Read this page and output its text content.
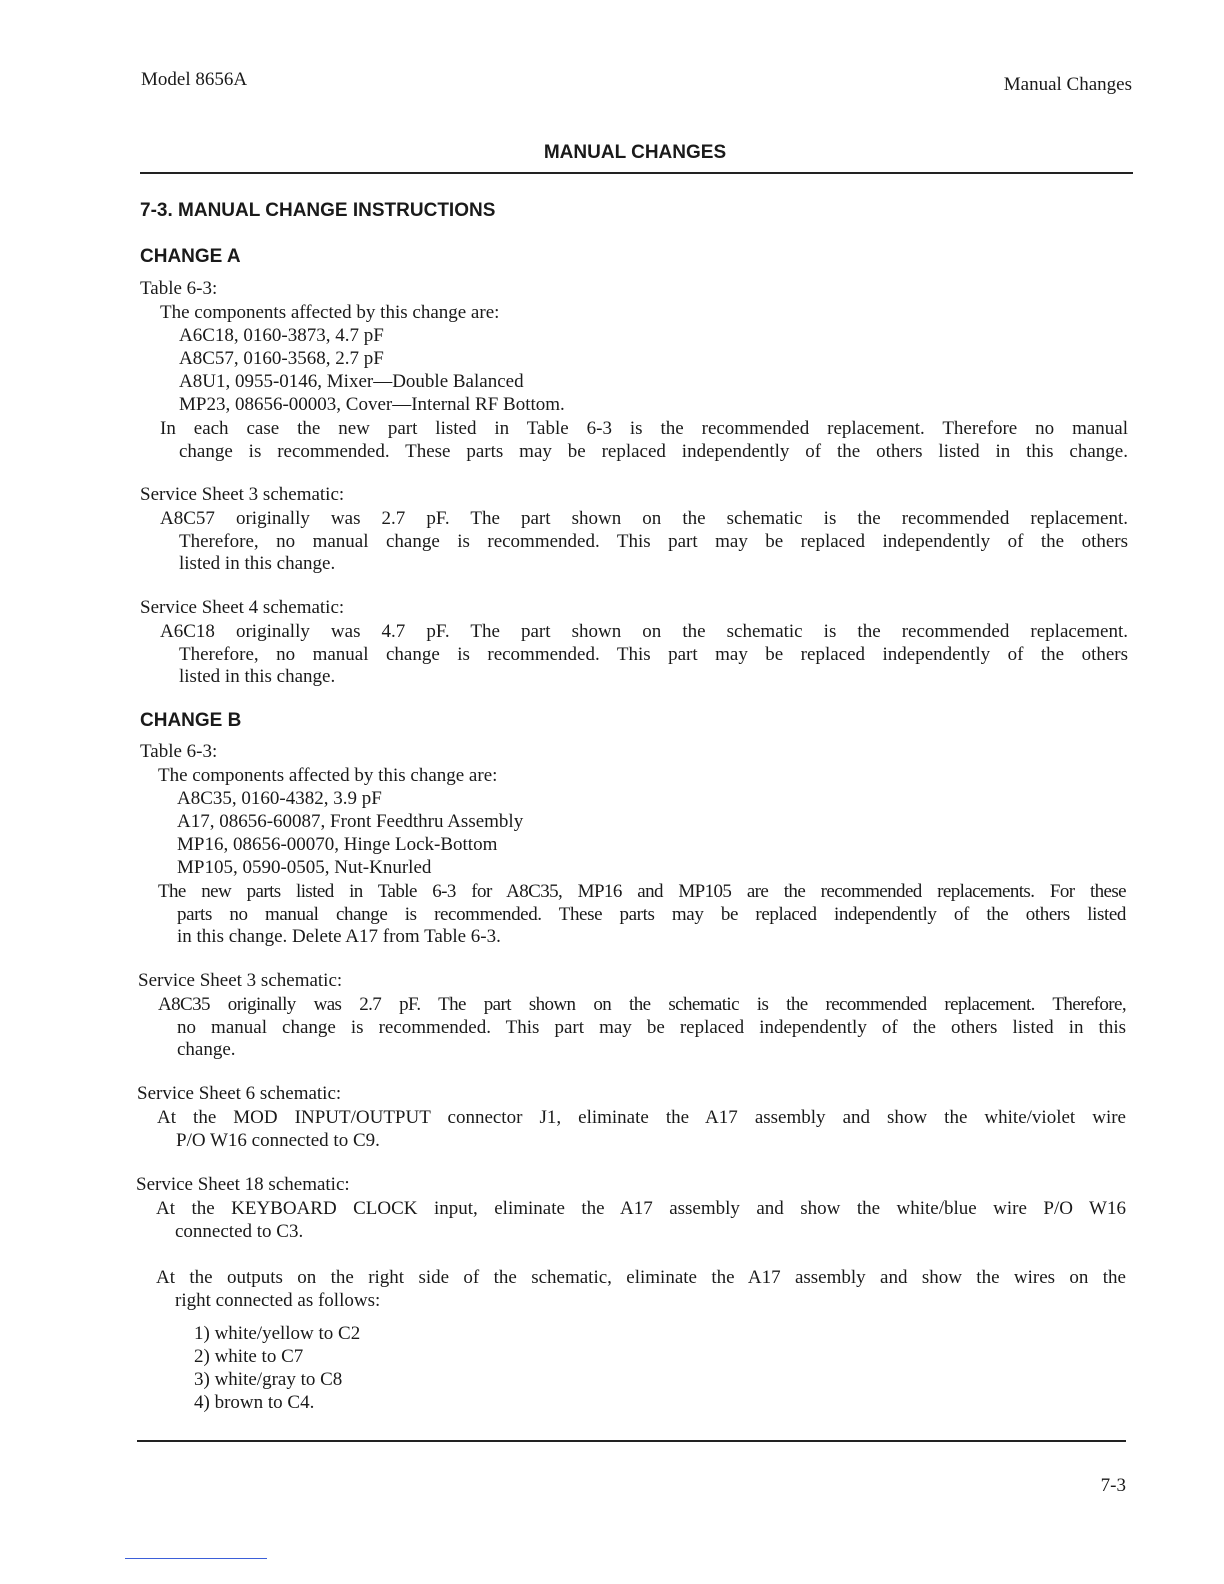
Model 8656A	Manual Changes
MANUAL CHANGES
7-3. MANUAL CHANGE INSTRUCTIONS
CHANGE A
Table 6-3:
The components affected by this change are:
A6C18, 0160-3873, 4.7 pF
A8C57, 0160-3568, 2.7 pF
A8U1, 0955-0146, Mixer—Double Balanced
MP23, 08656-00003, Cover—Internal RF Bottom.
In each case the new part listed in Table 6-3 is the recommended replacement. Therefore no manual
change is recommended. These parts may be replaced independently of the others listed in this change.
Service Sheet 3 schematic:
A8C57 originally was 2.7 pF. The part shown on the schematic is the recommended replacement.
Therefore, no manual change is recommended. This part may be replaced independently of the others
listed in this change.
Service Sheet 4 schematic:
A6C18 originally was 4.7 pF. The part shown on the schematic is the recommended replacement.
Therefore, no manual change is recommended. This part may be replaced independently of the others
listed in this change.
CHANGE B
Table 6-3:
The components affected by this change are:
A8C35, 0160-4382, 3.9 pF
A17, 08656-60087, Front Feedthru Assembly
MP16, 08656-00070, Hinge Lock-Bottom
MP105, 0590-0505, Nut-Knurled
The new parts listed in Table 6-3 for A8C35, MP16 and MP105 are the recommended replacements. For these
parts no manual change is recommended. These parts may be replaced independently of the others listed
in this change. Delete A17 from Table 6-3.
Service Sheet 3 schematic:
A8C35 originally was 2.7 pF. The part shown on the schematic is the recommended replacement. Therefore,
no manual change is recommended. This part may be replaced independently of the others listed in this
change.
Service Sheet 6 schematic:
At the MOD INPUT/OUTPUT connector J1, eliminate the A17 assembly and show the white/violet wire
P/O W16 connected to C9.
Service Sheet 18 schematic:
At the KEYBOARD CLOCK input, eliminate the A17 assembly and show the white/blue wire P/O W16
connected to C3.
At the outputs on the right side of the schematic, eliminate the A17 assembly and show the wires on the
right connected as follows:
1) white/yellow to C2
2) white to C7
3) white/gray to C8
4) brown to C4.
7-3
